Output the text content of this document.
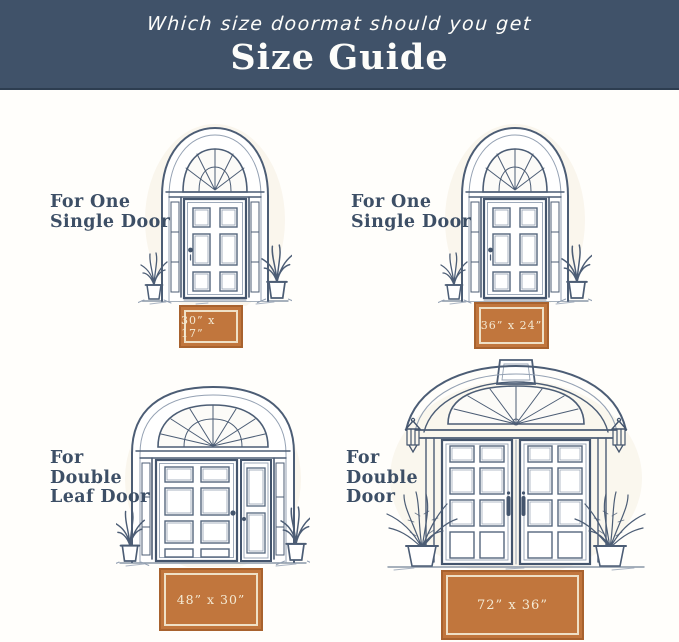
Which size doormat should you get
Size Guide
For One
Single Door
30” x 17”
For One
Single Door
36” x 24”
For
Double
Leaf Door
48” x 30”
For
Double
Door
72” x 36”
